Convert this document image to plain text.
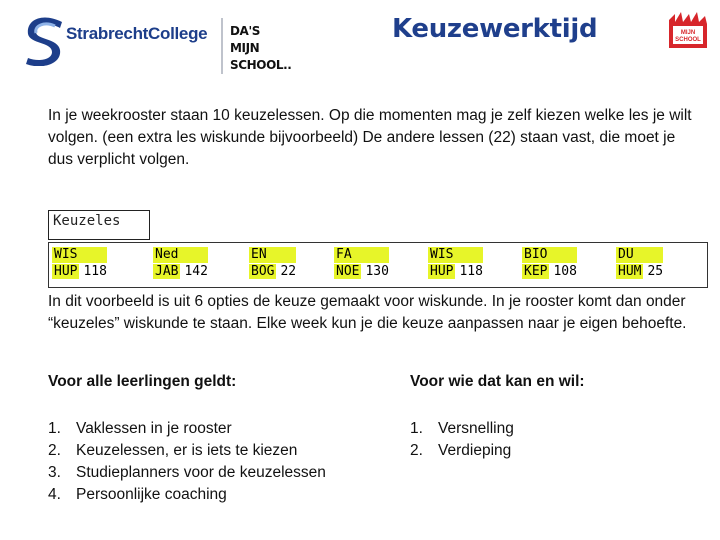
StrabrechtCollege DA'S
MIJN
SCHOOL..
Keuzewerktijd	MIJN
SCHOOL
In je weekrooster staan 10 keuzelessen. Op die momenten mag je zelf kiezen welke les je wilt volgen. (een extra les wiskunde bijvoorbeeld) De andere lessen (22) staan vast, die moet je dus verplicht volgen.
Keuzeles
WIS
HUP 118
Ned
JAB 142
EN
BOG 22
FA
NOE 130
WIS
HUP 118
BIO
KEP 108
DU
HUM 25
In dit voorbeeld is uit 6 opties de keuze gemaakt voor wiskunde. In je rooster komt dan onder “keuzeles” wiskunde te staan. Elke week kun je die keuze aanpassen naar je eigen behoefte.
Voor alle leerlingen geldt:	Voor wie dat kan en wil:
1. Vaklessen in je rooster
2. Keuzelessen, er is iets te kiezen
3. Studieplanners voor de keuzelessen
4. Persoonlijke coaching
1. Versnelling
2. Verdieping
